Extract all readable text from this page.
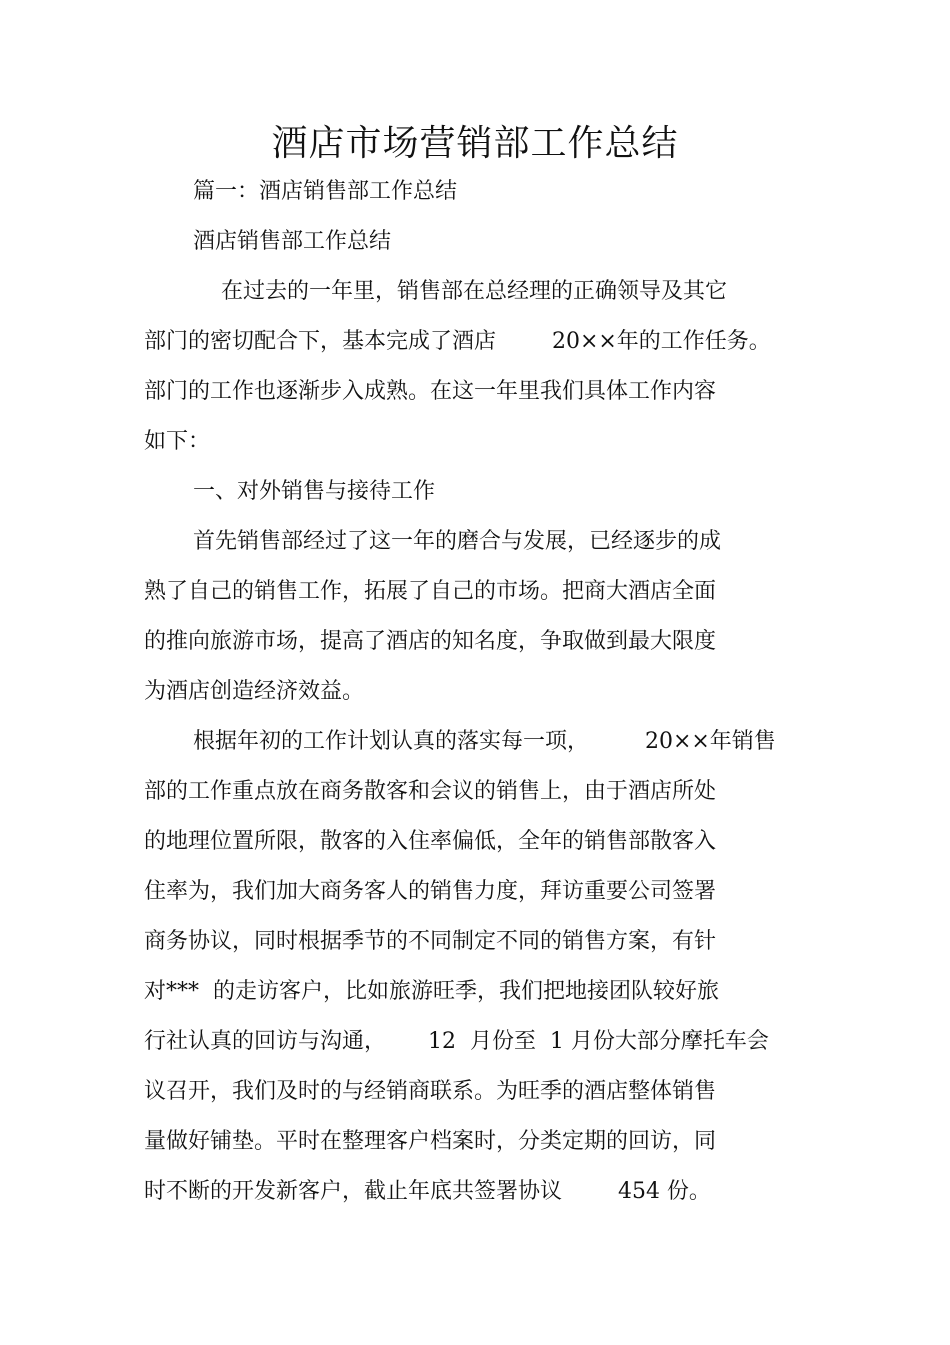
酒店市场营销部工作总结

篇一：酒店销售部工作总结

酒店销售部工作总结

在过去的一年里，销售部在总经理的正确领导及其它

部门的密切配合下，基本完成了酒店        20××年的工作任务。

部门的工作也逐渐步入成熟。在这一年里我们具体工作内容

如下：

一、对外销售与接待工作

首先销售部经过了这一年的磨合与发展，已经逐步的成

熟了自己的销售工作，拓展了自己的市场。把商大酒店全面

的推向旅游市场，提高了酒店的知名度，争取做到最大限度

为酒店创造经济效益。

根据年初的工作计划认真的落实每一项，        20××年销售

部的工作重点放在商务散客和会议的销售上，由于酒店所处

的地理位置所限，散客的入住率偏低，全年的销售部散客入

住率为，我们加大商务客人的销售力度，拜访重要公司签署

商务协议，同时根据季节的不同制定不同的销售方案，有针

对***  的走访客户，比如旅游旺季，我们把地接团队较好旅

行社认真的回访与沟通，      12  月份至  1 月份大部分摩托车会

议召开，我们及时的与经销商联系。为旺季的酒店整体销售

量做好铺垫。平时在整理客户档案时，分类定期的回访，同

时不断的开发新客户，截止年底共签署协议        454 份。
